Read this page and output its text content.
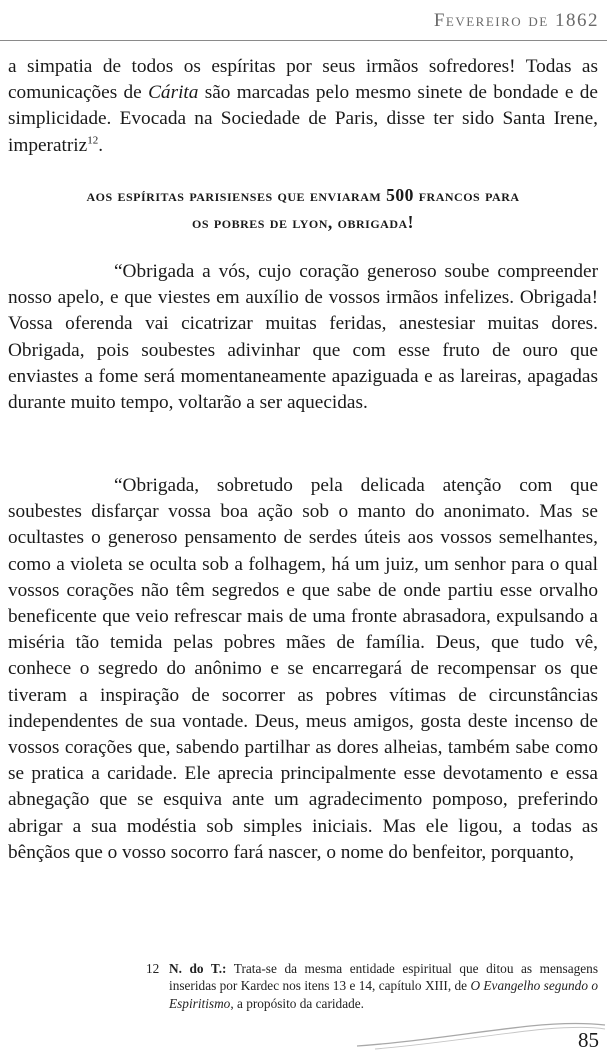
Fevereiro de 1862

a simpatia de todos os espíritas por seus irmãos sofredores! Todas as comunicações de Cárita são marcadas pelo mesmo sinete de bondade e de simplicidade. Evocada na Sociedade de Paris, disse ter sido Santa Irene, imperatriz$^{12}$.

aos espíritas parisienses que enviaram 500 francos para
os pobres de lyon, obrigada!

“Obrigada a vós, cujo coração generoso soube compreender nosso apelo, e que viestes em auxílio de vossos irmãos infelizes. Obrigada! Vossa oferenda vai cicatrizar muitas feridas, anestesiar muitas dores. Obrigada, pois soubestes adivinhar que com esse fruto de ouro que enviastes a fome será momentaneamente apaziguada e as lareiras, apagadas durante muito tempo, voltarão a ser aquecidas.

“Obrigada, sobretudo pela delicada atenção com que soubestes disfarçar vossa boa ação sob o manto do anonimato. Mas se ocultastes o generoso pensamento de serdes úteis aos vossos semelhantes, como a violeta se oculta sob a folhagem, há um juiz, um senhor para o qual vossos corações não têm segredos e que sabe de onde partiu esse orvalho beneficente que veio refrescar mais de uma fronte abrasadora, expulsando a miséria tão temida pelas pobres mães de família. Deus, que tudo vê, conhece o segredo do anônimo e se encarregará de recompensar os que tiveram a inspiração de socorrer as pobres vítimas de circunstâncias independentes de sua vontade. Deus, meus amigos, gosta deste incenso de vossos corações que, sabendo partilhar as dores alheias, também sabe como se pratica a caridade. Ele aprecia principalmente esse devotamento e essa abnegação que se esquiva ante um agradecimento pomposo, preferindo abrigar a sua modéstia sob simples iniciais. Mas ele ligou, a todas as bênçãos que o vosso socorro fará nascer, o nome do benfeitor, porquanto,

12 N. do T.: Trata-se da mesma entidade espiritual que ditou as mensagens inseridas por Kardec nos itens 13 e 14, capítulo XIII, de O Evangelho segundo o Espiritismo, a propósito da caridade.
85
